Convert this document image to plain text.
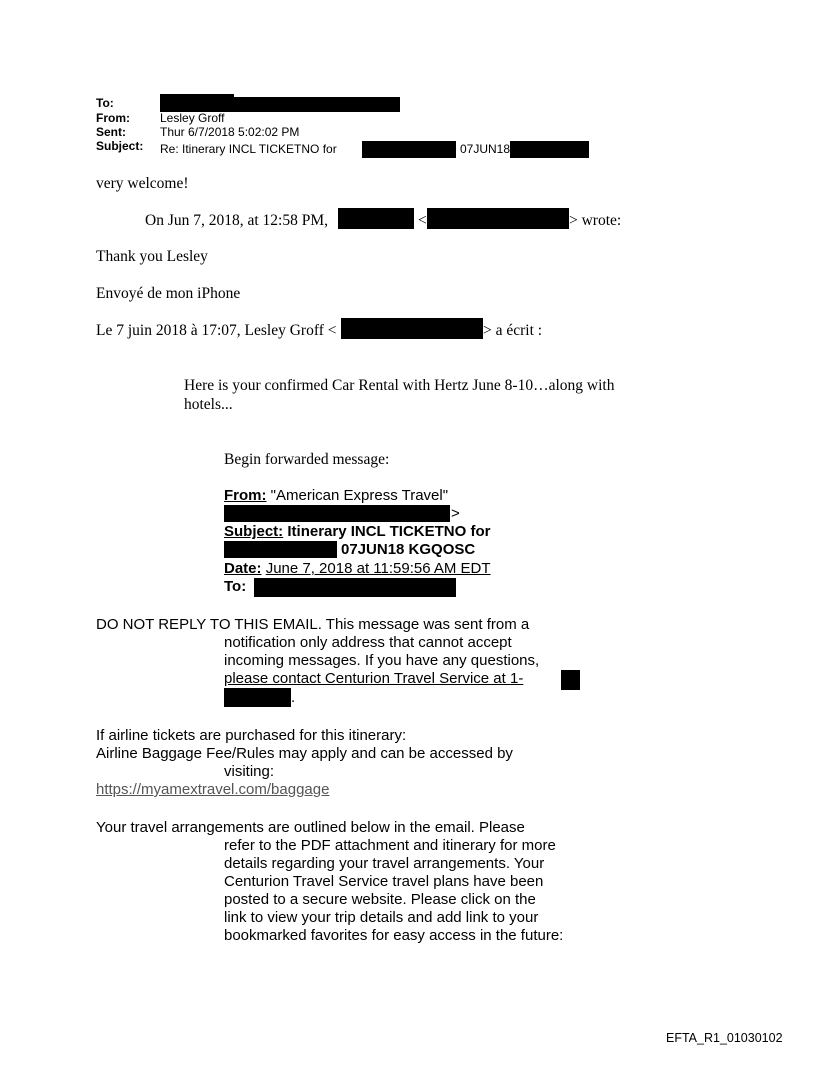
To:
From:	Lesley Groff
Sent:	Thur 6/7/2018 5:02:02 PM
Subject: Re: Itinerary INCL TICKETNO for	07JUN18
very welcome!
On Jun 7, 2018, at 12:58 PM,	<	> wrote:
Thank you Lesley
Envoyé de mon iPhone
Le 7 juin 2018 à 17:07, Lesley Groff <	> a écrit :
Here is your confirmed Car Rental with Hertz June 8-10…along with
hotels...
Begin forwarded message:
From: "American Express Travel"
>
Subject: Itinerary INCL TICKETNO for
07JUN18 KGQOSC
Date: June 7, 2018 at 11:59:56 AM EDT
To:
DO NOT REPLY TO THIS EMAIL. This message was sent from a
notification only address that cannot accept
incoming messages. If you have any questions,
please contact Centurion Travel Service at 1-
.
If airline tickets are purchased for this itinerary:
Airline Baggage Fee/Rules may apply and can be accessed by
visiting:
https://myamextravel.com/baggage
Your travel arrangements are outlined below in the email. Please
refer to the PDF attachment and itinerary for more
details regarding your travel arrangements. Your
Centurion Travel Service travel plans have been
posted to a secure website. Please click on the
link to view your trip details and add link to your
bookmarked favorites for easy access in the future:
EFTA_R1_01030102
